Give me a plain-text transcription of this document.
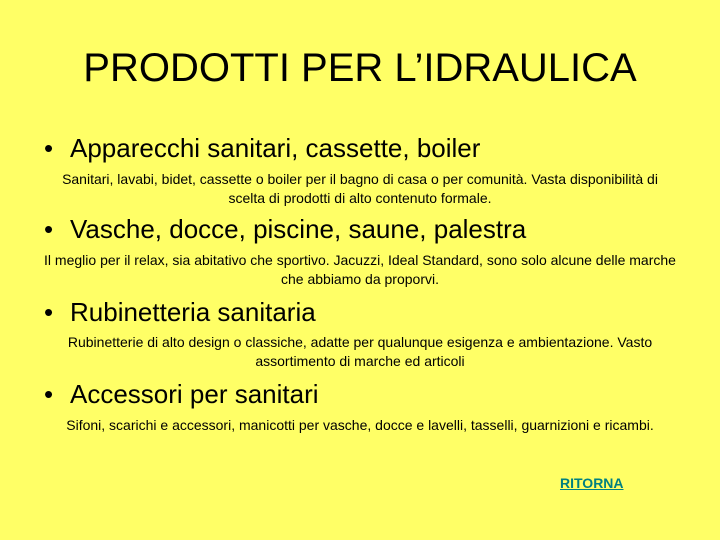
PRODOTTI PER L’IDRAULICA
• Apparecchi sanitari, cassette, boiler
Sanitari, lavabi, bidet, cassette o boiler per il bagno di casa o per comunità. Vasta disponibilità di scelta di prodotti di alto contenuto formale.
• Vasche, docce, piscine, saune, palestra
Il meglio per il relax, sia abitativo che sportivo. Jacuzzi, Ideal Standard, sono solo alcune delle marche che abbiamo da proporvi.
• Rubinetteria sanitaria
Rubinetterie di alto design o classiche, adatte per qualunque esigenza e ambientazione. Vasto assortimento di marche ed articoli
• Accessori per sanitari
Sifoni, scarichi e accessori, manicotti per vasche, docce e lavelli, tasselli, guarnizioni e ricambi.
RITORNA
